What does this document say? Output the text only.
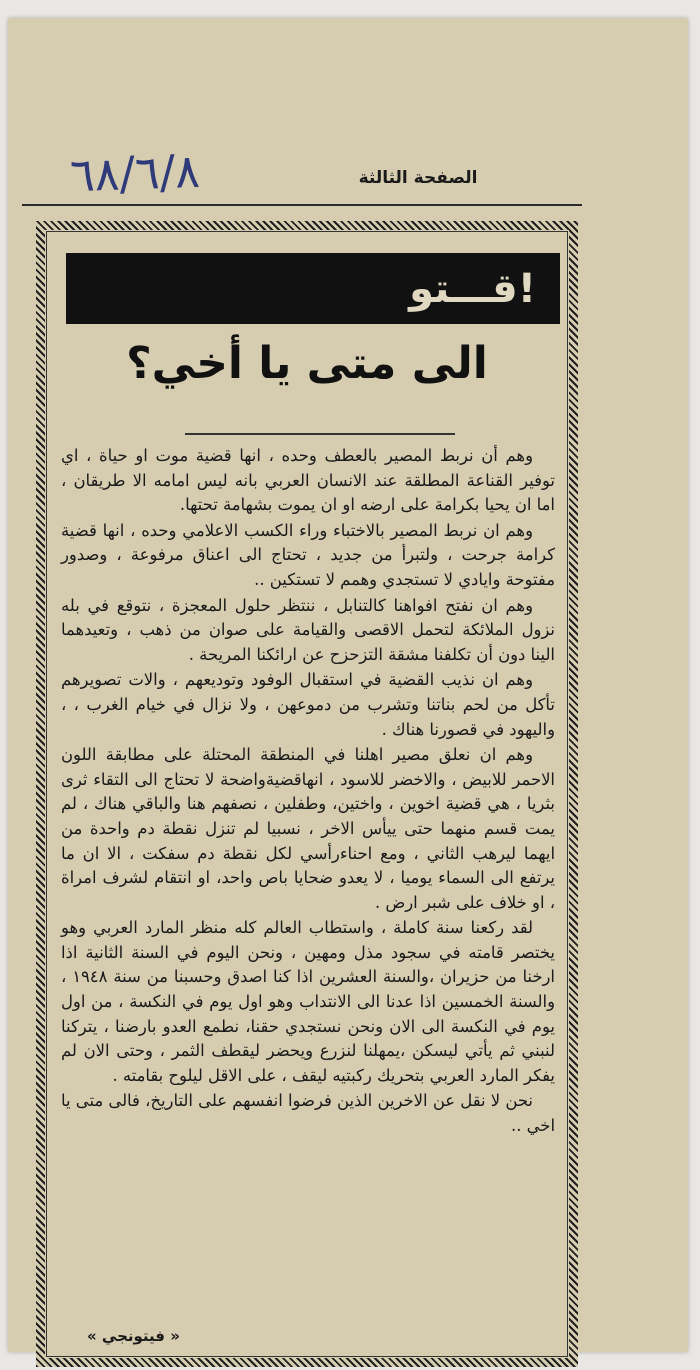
٦٨/٦/٨	الصفحة الثالثة
قـــتو!
الى متى يا أخي؟

وهم أن نربط المصير بالعطف وحده ، انها قضية موت او حياة ، اي توفير القناعة المطلقة عند الانسان العربي بانه ليس امامه الا طريقان ، اما ان يحيا بكرامة على ارضه او ان يموت بشهامة تحتها.

وهم ان نربط المصير بالاختباء وراء الكسب الاعلامي وحده ، انها قضية كرامة جرحت ، ولتبرأ من جديد ، تحتاج الى اعناق مرفوعة ، وصدور مفتوحة وايادي لا تستجدي وهمم لا تستكين ..

وهم ان نفتح افواهنا كالتنابل ، ننتظر حلول المعجزة ، نتوقع في بله نزول الملائكة لتحمل الاقصى والقيامة على صوان من ذهب ، وتعيدهما الينا دون أن تكلفنا مشقة التزحزح عن ارائكنا المريحة .

وهم ان نذيب القضية في استقبال الوفود وتوديعهم ، والات تصويرهم تأكل من لحم بناتنا وتشرب من دموعهن ، ولا نزال في خيام الغرب ، ، واليهود في قصورنا هناك .

وهم ان نعلق مصير اهلنا في المنطقة المحتلة على مطابقة اللون الاحمر للابيض ، والاخضر للاسود ، انهاقضيةواضحة لا تحتاج الى التقاء ثرى بثريا ، هي قضية اخوين ، واختين، وطفلين ، نصفهم هنا والباقي هناك ، لم يمت قسم منهما حتى ييأس الاخر ، نسبيا لم تنزل نقطة دم واحدة من ايهما ليرهب الثاني ، ومع احناءرأسي لكل نقطة دم سفكت ، الا ان ما يرتفع الى السماء يوميا ، لا يعدو ضحايا باص واحد، او انتقام لشرف امراة ، او خلاف على شبر ارض .

لقد ركعنا سنة كاملة ، واستطاب العالم كله منظر المارد العربي وهو يختصر قامته في سجود مذل ومهين ، ونحن اليوم في السنة الثانية اذا ارخنا من حزيران ،والسنة العشرين اذا كنا اصدق وحسبنا من سنة ١٩٤٨ ، والسنة الخمسين اذا عدنا الى الانتداب وهو اول يوم في النكسة ، من اول يوم في النكسة الى الان ونحن نستجدي حقنا، نطمع العدو بارضنا ، يتركنا لنبني ثم يأتي ليسكن ،يمهلنا لنزرع ويحضر ليقطف الثمر ، وحتى الان لم يفكر المارد العربي بتحريك ركبتيه ليقف ، على الاقل ليلوح بقامته .

نحن لا نقل عن الاخرين الذين فرضوا انفسهم على التاريخ، فالى متى يا اخي ..

« فيتونجي »
